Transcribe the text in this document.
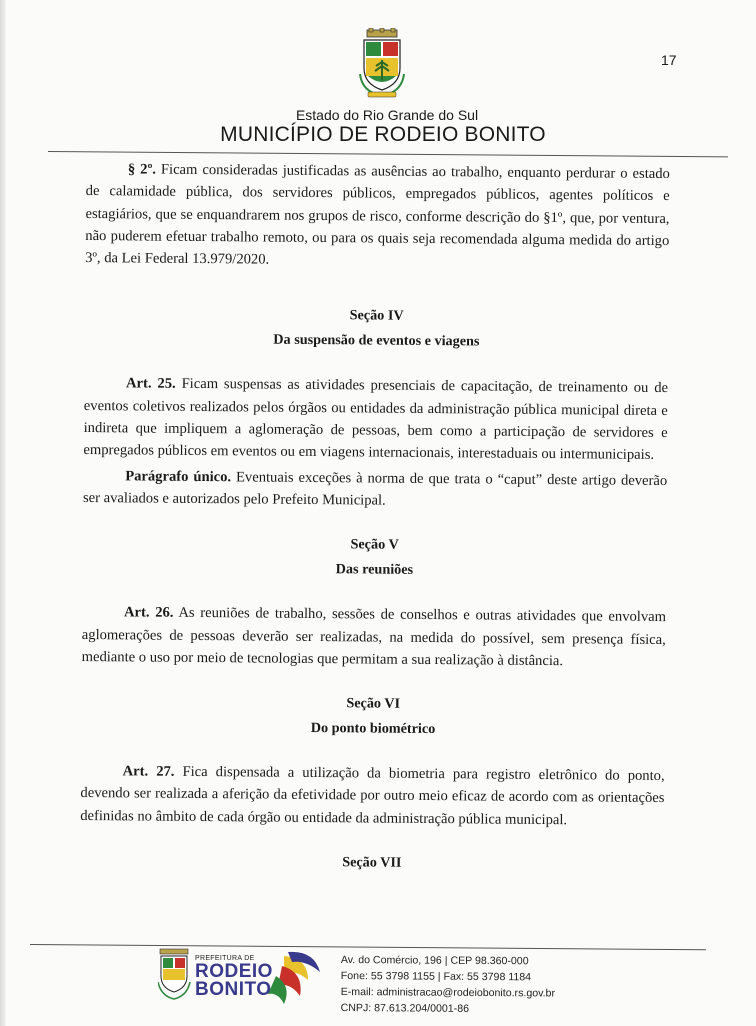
17
Estado do Rio Grande do Sul
MUNICÍPIO DE RODEIO BONITO

§ 2º. Ficam consideradas justificadas as ausências ao trabalho, enquanto perdurar o estado de calamidade pública, dos servidores públicos, empregados públicos, agentes políticos e estagiários, que se enquandrarem nos grupos de risco, conforme descrição do §1º, que, por ventura, não puderem efetuar trabalho remoto, ou para os quais seja recomendada alguma medida do artigo 3º, da Lei Federal 13.979/2020.

Seção IV

Da suspensão de eventos e viagens

Art. 25. Ficam suspensas as atividades presenciais de capacitação, de treinamento ou de eventos coletivos realizados pelos órgãos ou entidades da administração pública municipal direta e indireta que impliquem a aglomeração de pessoas, bem como a participação de servidores e empregados públicos em eventos ou em viagens internacionais, interestaduais ou intermunicipais.

Parágrafo único. Eventuais exceções à norma de que trata o “caput” deste artigo deverão ser avaliados e autorizados pelo Prefeito Municipal.

Seção V

Das reuniões

Art. 26. As reuniões de trabalho, sessões de conselhos e outras atividades que envolvam aglomerações de pessoas deverão ser realizadas, na medida do possível, sem presença física, mediante o uso por meio de tecnologias que permitam a sua realização à distância.

Seção VI

Do ponto biométrico

Art. 27. Fica dispensada a utilização da biometria para registro eletrônico do ponto, devendo ser realizada a aferição da efetividade por outro meio eficaz de acordo com as orientações definidas no âmbito de cada órgão ou entidade da administração pública municipal.

Seção VII

PREFEITURA DE
RODEIO
BONITO
Av. do Comércio, 196 | CEP 98.360-000
Fone: 55 3798 1155 | Fax: 55 3798 1184
E-mail: administracao@rodeiobonito.rs.gov.br
CNPJ: 87.613.204/0001-86
